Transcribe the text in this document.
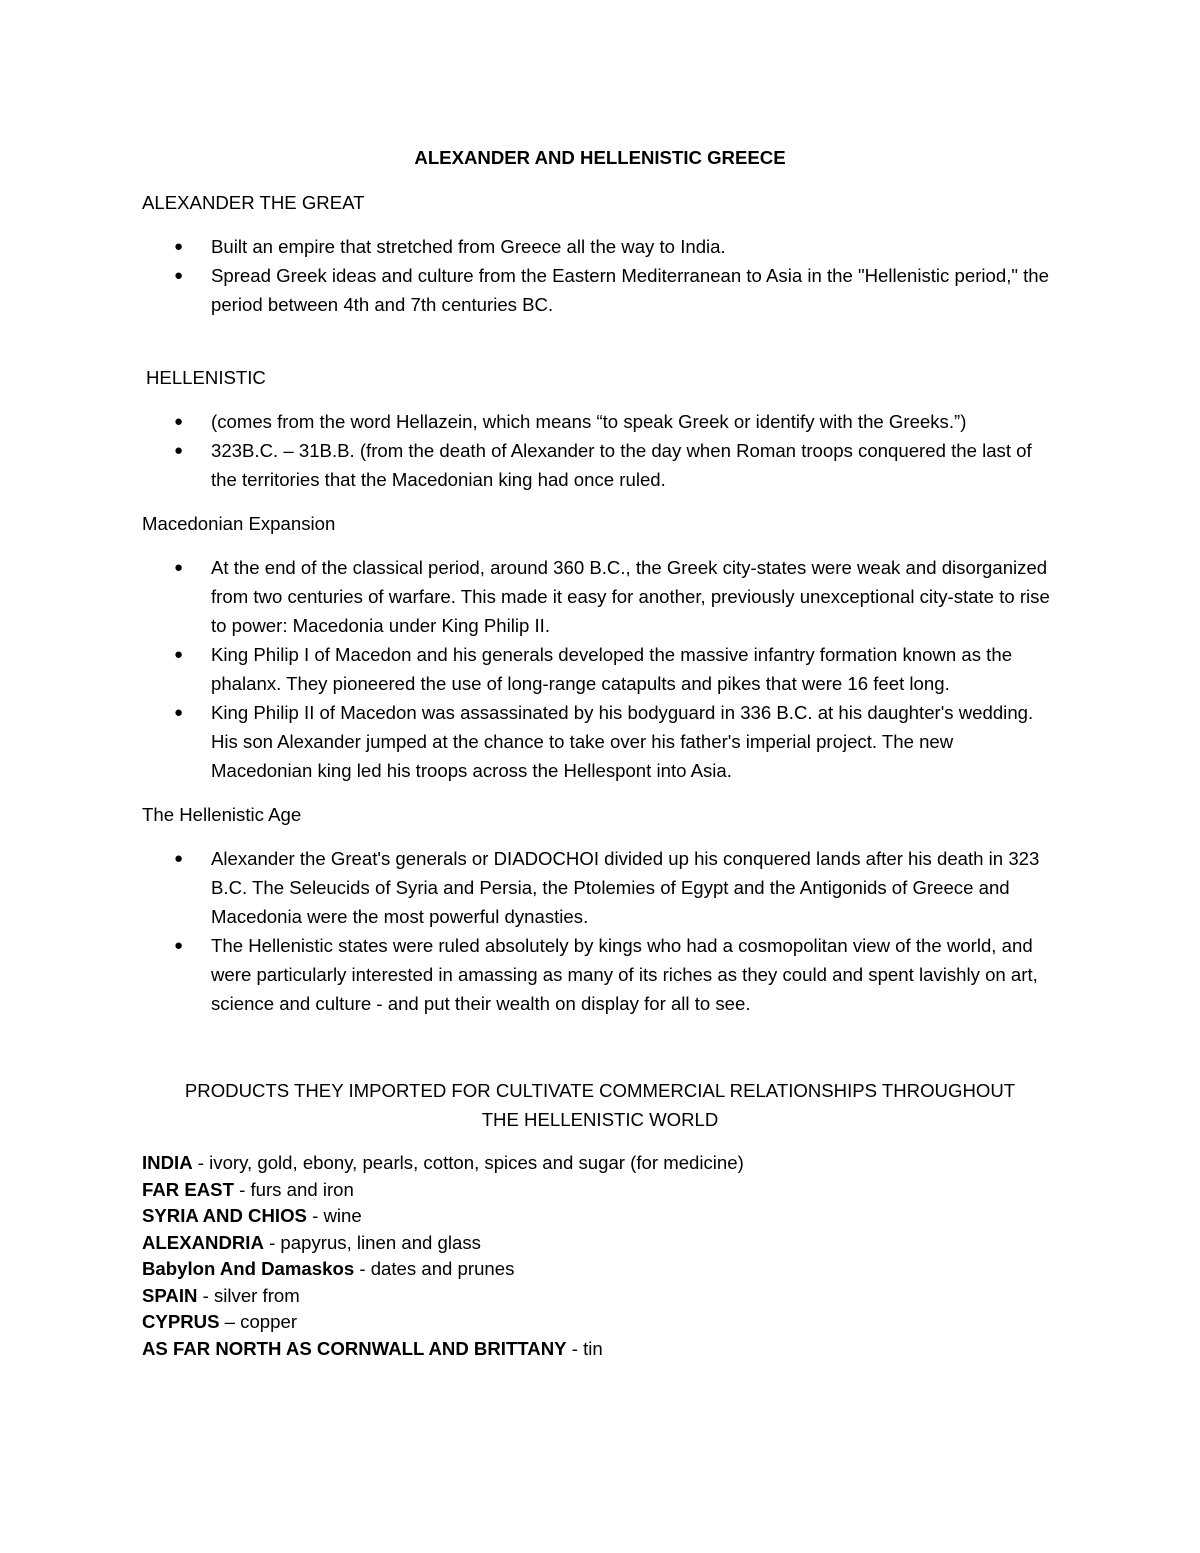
ALEXANDER AND HELLENISTIC GREECE
ALEXANDER THE GREAT
● Built an empire that stretched from Greece all the way to India.
● Spread Greek ideas and culture from the Eastern Mediterranean to Asia in the "Hellenistic period," the period between 4th and 7th centuries BC.
HELLENISTIC
● (comes from the word Hellazein, which means “to speak Greek or identify with the Greeks.”)
● 323B.C. – 31B.B. (from the death of Alexander to the day when Roman troops conquered the last of the territories that the Macedonian king had once ruled.
Macedonian Expansion
● At the end of the classical period, around 360 B.C., the Greek city-states were weak and disorganized from two centuries of warfare. This made it easy for another, previously unexceptional city-state to rise to power: Macedonia under King Philip II.
● King Philip I of Macedon and his generals developed the massive infantry formation known as the phalanx. They pioneered the use of long-range catapults and pikes that were 16 feet long.
● King Philip II of Macedon was assassinated by his bodyguard in 336 B.C. at his daughter's wedding. His son Alexander jumped at the chance to take over his father's imperial project. The new Macedonian king led his troops across the Hellespont into Asia.
The Hellenistic Age
● Alexander the Great's generals or DIADOCHOI divided up his conquered lands after his death in 323 B.C. The Seleucids of Syria and Persia, the Ptolemies of Egypt and the Antigonids of Greece and Macedonia were the most powerful dynasties.
● The Hellenistic states were ruled absolutely by kings who had a cosmopolitan view of the world, and were particularly interested in amassing as many of its riches as they could and spent lavishly on art, science and culture - and put their wealth on display for all to see.
PRODUCTS THEY IMPORTED FOR CULTIVATE COMMERCIAL RELATIONSHIPS THROUGHOUT THE HELLENISTIC WORLD
INDIA - ivory, gold, ebony, pearls, cotton, spices and sugar (for medicine)
FAR EAST - furs and iron
SYRIA AND CHIOS - wine
ALEXANDRIA - papyrus, linen and glass
Babylon And Damaskos - dates and prunes
SPAIN - silver from
CYPRUS – copper
AS FAR NORTH AS CORNWALL AND BRITTANY - tin
